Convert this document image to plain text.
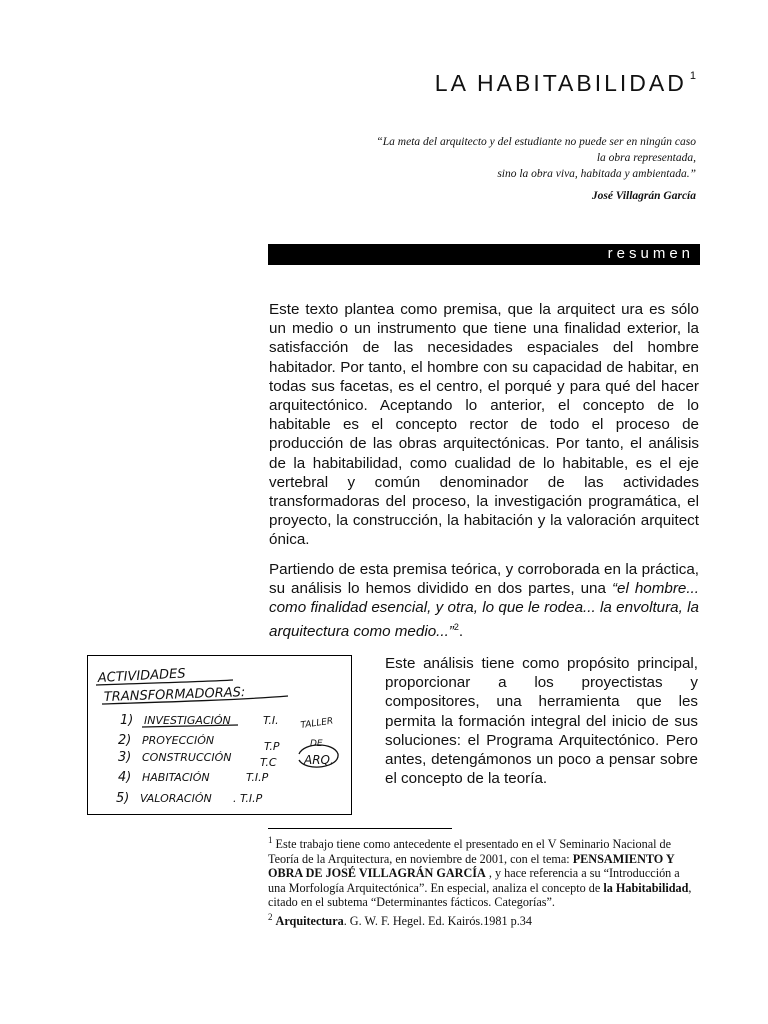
LA HABITABILIDAD $^1$
“La meta del arquitecto y del estudiante no puede ser en ningún caso
la obra representada,
sino la obra viva, habitada y ambientada.”
José Villagrán García
resumen

Este texto plantea como premisa, que la arquitect ura es sólo un medio o un instrumento que tiene una finalidad exterior, la satisfacción de las necesidades espaciales del hombre habitador. Por tanto, el hombre con su capacidad de habitar, en todas sus facetas, es el centro, el porqué y para qué del hacer arquitectónico. Aceptando lo anterior, el concepto de lo habitable es el concepto rector de todo el proceso de producción de las obras arquitectónicas. Por tanto, el análisis de la habitabilidad, como cualidad de lo habitable, es el eje vertebral y común denominador de las actividades transformadoras del proceso, la investigación programática, el proyecto, la construcción, la habitación y la valoración arquitect ónica.

Partiendo de esta premisa teórica, y corroborada en la práctica, su análisis lo hemos dividido en dos partes, una “el hombre... como finalidad esencial, y otra, lo que le rodea... la envoltura, la arquitectura como medio...”$^2$.

ACTIVIDADES
TRANSFORMADORAS:
1) INVESTIGACIÓN	T.I.
2) PROYECCIÓN	T.P
3) CONSTRUCCIÓN	T.C
4) HABITACIÓN	T.I.P
5) VALORACIÓN . T.I.P
TALLER
DE
ARQ.

Este análisis tiene como propósito principal, proporcionar a los proyectistas y compositores, una herramienta que les permita la formación integral del inicio de sus soluciones: el Programa Arquitectónico. Pero antes, detengámonos un poco a pensar sobre el concepto de la teoría.

$^1$ Este trabajo tiene como antecedente el presentado en el V Seminario Nacional de Teoría de la Arquitectura, en noviembre de 2001, con el tema: PENSAMIENTO Y OBRA DE JOSÉ VILLAGRÁN GARCÍA , y hace referencia a su “Introducción a una Morfología Arquitectónica”. En especial, analiza el concepto de la Habitabilidad, citado en el subtema “Determinantes fácticos. Categorías”.

$^2$ Arquitectura. G. W. F. Hegel. Ed. Kairós.1981 p.34
